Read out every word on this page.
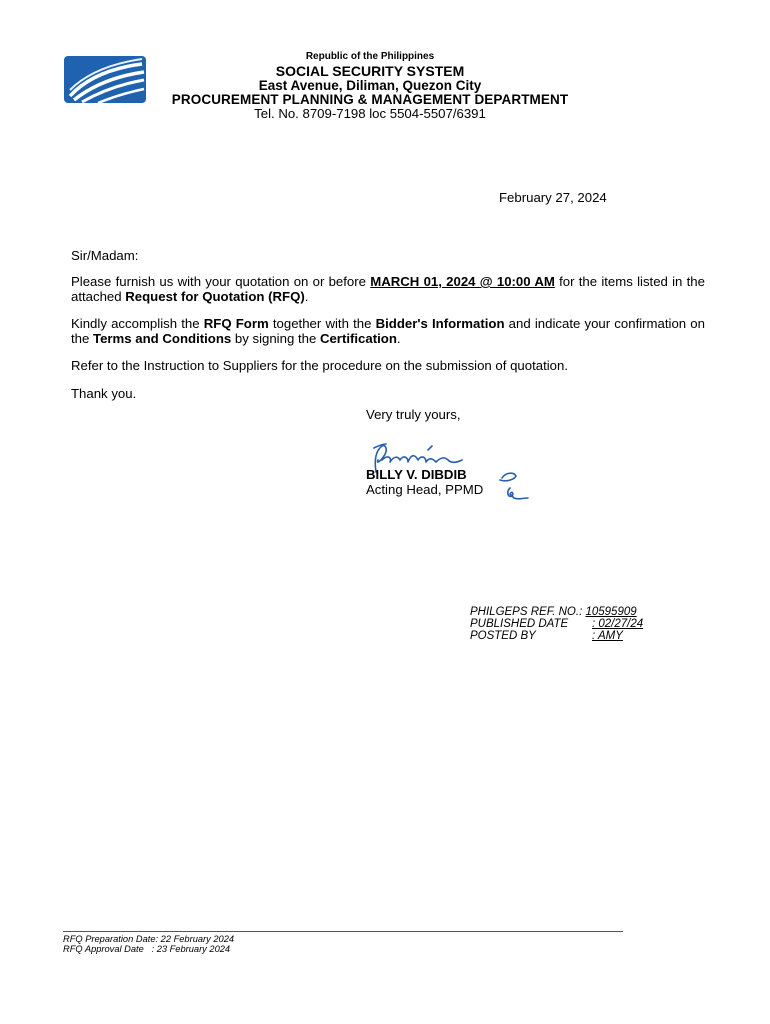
Republic of the Philippines
SOCIAL SECURITY SYSTEM
East Avenue, Diliman, Quezon City
PROCUREMENT PLANNING & MANAGEMENT DEPARTMENT
Tel. No. 8709-7198 loc 5504-5507/6391
February 27, 2024
Sir/Madam:
Please furnish us with your quotation on or before MARCH 01, 2024 @ 10:00 AM for the items listed in the attached Request for Quotation (RFQ).
Kindly accomplish the RFQ Form together with the Bidder's Information and indicate your confirmation on the Terms and Conditions by signing the Certification.
Refer to the Instruction to Suppliers for the procedure on the submission of quotation.
Thank you.
Very truly yours,
BILLY V. DIBDIB
Acting Head, PPMD
PHILGEPS REF. NO.: 10595909
PUBLISHED DATE : 02/27/24
POSTED BY	: AMY
RFQ Preparation Date: 22 February 2024
RFQ Approval Date   : 23 February 2024
